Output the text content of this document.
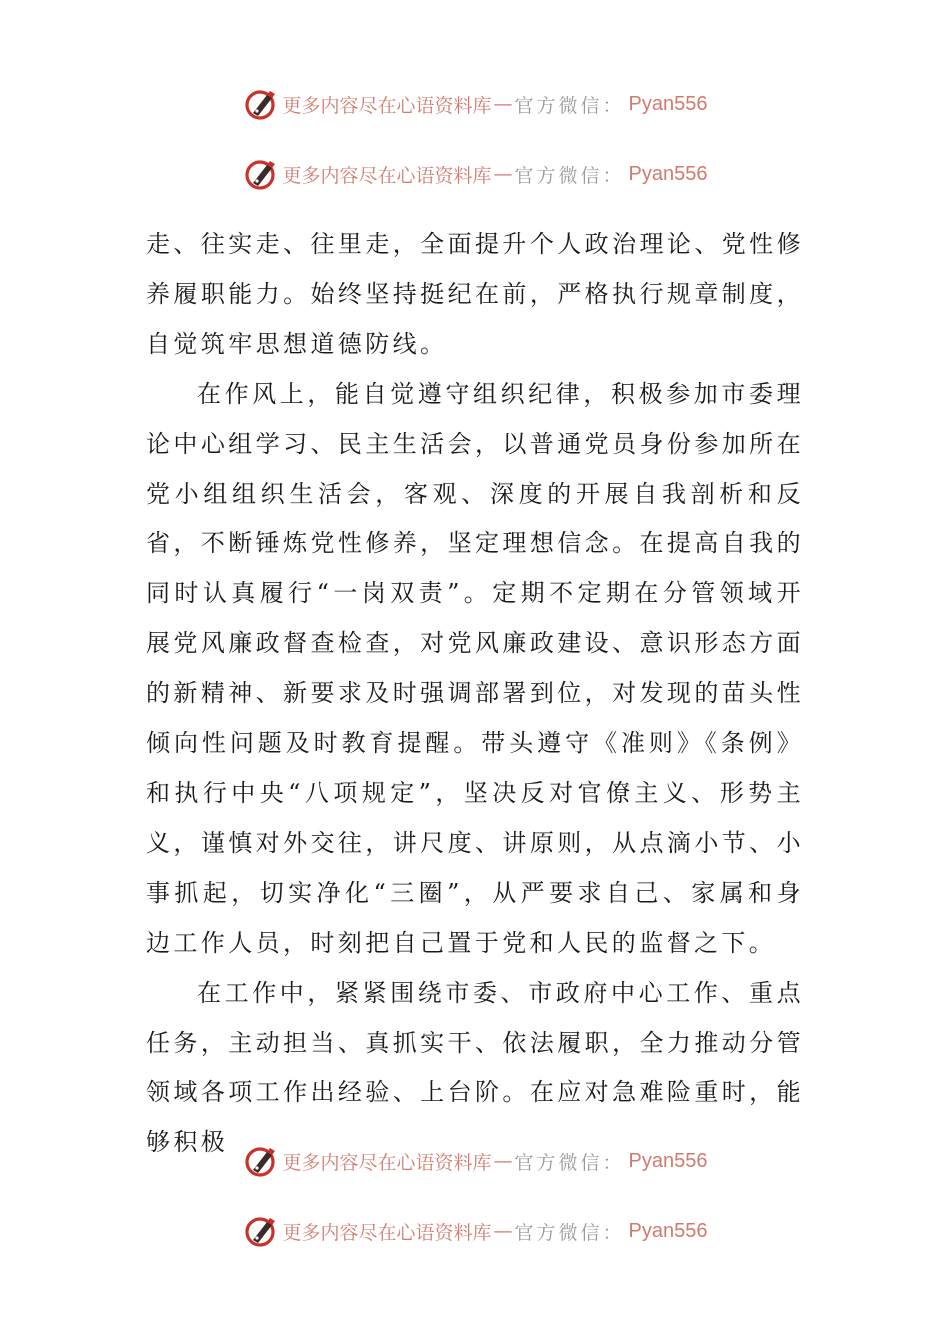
更多内容尽在心语资料库 — 官方微信： Pyan556
更多内容尽在心语资料库 — 官方微信： Pyan556

走、往实走、往里走，全面提升个人政治理论、党性修养履职能力。始终坚持挺纪在前，严格执行规章制度，自觉筑牢思想道德防线。

在作风上，能自觉遵守组织纪律，积极参加市委理论中心组学习、民主生活会，以普通党员身份参加所在党小组组织生活会，客观、深度的开展自我剖析和反省，不断锤炼党性修养，坚定理想信念。在提高自我的同时认真履行“一岗双责”。定期不定期在分管领域开展党风廉政督查检查，对党风廉政建设、意识形态方面的新精神、新要求及时强调部署到位，对发现的苗头性倾向性问题及时教育提醒。带头遵守《准则》《条例》和执行中央“八项规定”，坚决反对官僚主义、形势主义，谨慎对外交往，讲尺度、讲原则，从点滴小节、小事抓起，切实净化“三圈”，从严要求自己、家属和身边工作人员，时刻把自己置于党和人民的监督之下。

在工作中，紧紧围绕市委、市政府中心工作、重点任务，主动担当、真抓实干、依法履职，全力推动分管领域各项工作出经验、上台阶。在应对急难险重时，能够积极

更多内容尽在心语资料库 — 官方微信： Pyan556
更多内容尽在心语资料库 — 官方微信： Pyan556
